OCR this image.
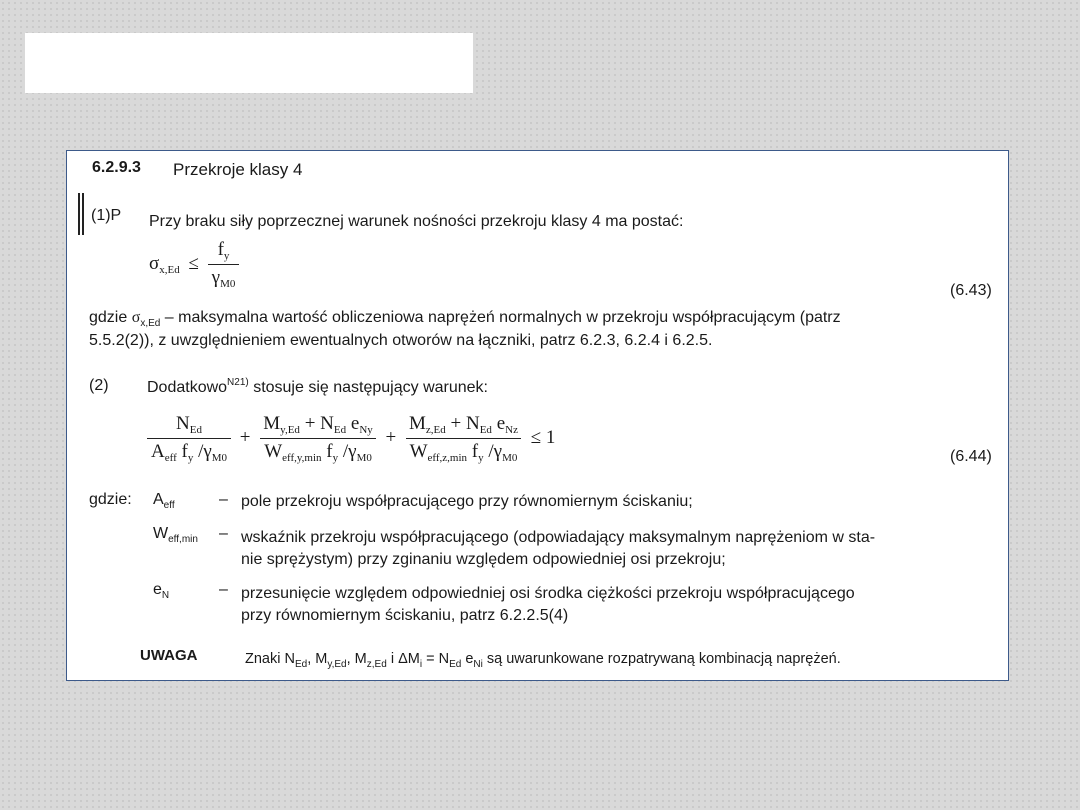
6.2.9.3 Przekroje klasy 4
(1)P Przy braku siły poprzecznej warunek nośności przekroju klasy 4 ma postać:
$\sigma_{x,Ed} \le \frac{f_y}{\gamma_{M0}}$
(6.43)
gdzie $\sigma_{x,Ed}$ – maksymalna wartość obliczeniowa naprężeń normalnych w przekroju współpracującym (patrz
5.5.2(2)), z uwzględnieniem ewentualnych otworów na łączniki, patrz 6.2.3, 6.2.4 i 6.2.5.
(2) Dodatkowo$^{N21)}$ stosuje się następujący warunek:
$\frac{N_{Ed}}{A_{eff} f_y /\gamma_{M0}} + \frac{M_{y,Ed} + N_{Ed} e_{Ny}}{W_{eff,y,min} f_y /\gamma_{M0}} + \frac{M_{z,Ed} + N_{Ed} e_{Nz}}{W_{eff,z,min} f_y /\gamma_{M0}} \le 1$
(6.44)
gdzie: $A_{eff}$	– pole przekroju współpracującego przy równomiernym ściskaniu;
$W_{eff,min}$ – wskaźnik przekroju współpracującego (odpowiadający maksymalnym naprężeniom w sta-
nie sprężystym) przy zginaniu względem odpowiedniej osi przekroju;
$e_N$	– przesunięcie względem odpowiedniej osi środka ciężkości przekroju współpracującego
przy równomiernym ściskaniu, patrz 6.2.2.5(4)
UWAGA	Znaki $N_{Ed}$, $M_{y,Ed}$, $M_{z,Ed}$ i $\Delta M_i = N_{Ed}$ $e_{Ni}$ są uwarunkowane rozpatrywaną kombinacją naprężeń.
